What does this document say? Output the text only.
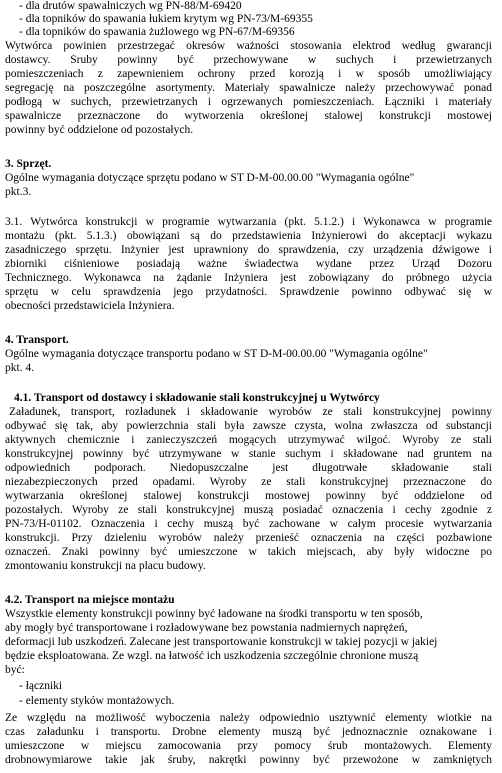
- dla drutów spawalniczych wg PN-88/M-69420
- dla topników do spawania łukiem krytym wg PN-73/M-69355
- dla topników do spawania żużlowego wg PN-67/M-69356
Wytwórca powinien przestrzegać okresów ważności stosowania elektrod według gwarancji
dostawcy. Śruby powinny być przechowywane w suchych i przewietrzanych
pomieszczeniach z zapewnieniem ochrony przed korozją i w sposób umożliwiający
segregację na poszczególne asortymenty. Materiały spawalnicze należy przechowywać ponad
podłogą w suchych, przewietrzanych i ogrzewanych pomieszczeniach. Łączniki i materiały
spawalnicze przeznaczone do wytworzenia określonej stalowej konstrukcji mostowej
powinny być oddzielone od pozostałych.
3. Sprzęt.
Ogólne wymagania dotyczące sprzętu podano w ST D-M-00.00.00 "Wymagania ogólne"
pkt.3.
3.1. Wytwórca konstrukcji w programie wytwarzania (pkt. 5.1.2.) i Wykonawca w programie
montażu (pkt. 5.1.3.) obowiązani są do przedstawienia Inżynierowi do akceptacji wykazu
zasadniczego sprzętu. Inżynier jest uprawniony do sprawdzenia, czy urządzenia dźwigowe i
zbiorniki ciśnieniowe posiadają ważne świadectwa wydane przez Urząd Dozoru
Technicznego. Wykonawca na żądanie Inżyniera jest zobowiązany do próbnego użycia
sprzętu w celu sprawdzenia jego przydatności. Sprawdzenie powinno odbywać się w
obecności przedstawiciela Inżyniera.
4. Transport.
Ogólne wymagania dotyczące transportu podano w ST D-M-00.00.00 "Wymagania ogólne"
pkt. 4.
4.1. Transport od dostawcy i składowanie stali konstrukcyjnej u Wytwórcy
Załadunek, transport, rozładunek i składowanie wyrobów ze stali konstrukcyjnej powinny
odbywać się tak, aby powierzchnia stali była zawsze czysta, wolna zwłaszcza od substancji
aktywnych chemicznie i zanieczyszczeń mogących utrzymywać wilgoć. Wyroby ze stali
konstrukcyjnej powinny być utrzymywane w stanie suchym i składowane nad gruntem na
odpowiednich podporach. Niedopuszczalne jest długotrwałe składowanie stali
niezabezpieczonych przed opadami. Wyroby ze stali konstrukcyjnej przeznaczone do
wytwarzania określonej stalowej konstrukcji mostowej powinny być oddzielone od
pozostałych. Wyroby ze stali konstrukcyjnej muszą posiadać oznaczenia i cechy zgodnie z
PN-73/H-01102. Oznaczenia i cechy muszą być zachowane w całym procesie wytwarzania
konstrukcji. Przy dzieleniu wyrobów należy przenieść oznaczenia na części pozbawione
oznaczeń. Znaki powinny być umieszczone w takich miejscach, aby były widoczne po
zmontowaniu konstrukcji na placu budowy.
4.2. Transport na miejsce montażu
Wszystkie elementy konstrukcji powinny być ładowane na środki transportu w ten sposób,
aby mogły być transportowane i rozładowywane bez powstania nadmiernych naprężeń,
deformacji lub uszkodzeń. Zalecane jest transportowanie konstrukcji w takiej pozycji w jakiej
będzie eksploatowana. Ze wzgl. na łatwość ich uszkodzenia szczególnie chronione muszą
być:
- łączniki
- elementy styków montażowych.
Ze względu na możliwość wyboczenia należy odpowiednio usztywnić elementy wiotkie na
czas załadunku i transportu. Drobne elementy muszą być jednoznacznie oznakowane i
umieszczone w miejscu zamocowania przy pomocy śrub montażowych. Elementy
drobnowymiarowe takie jak śruby, nakrętki powinny być przewożone w zamkniętych
